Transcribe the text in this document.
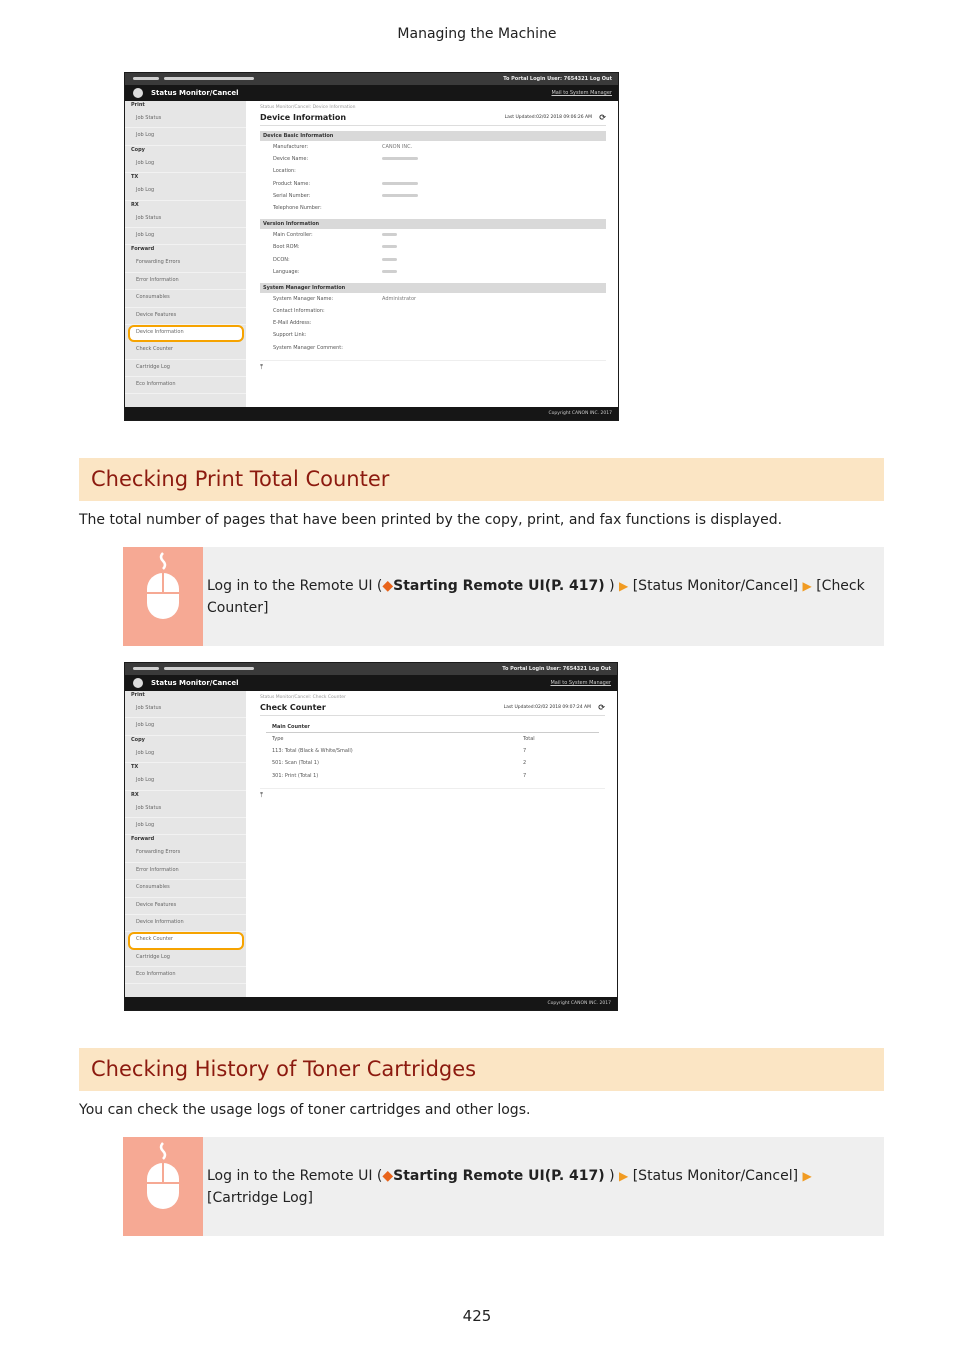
Managing the Machine

To Portal Login User: 7654321 Log Out
Status Monitor/Cancel	Mail to System Manager
Print
Job Status
Job Log
Copy
Job Log
TX
Job Log
RX
Job Status
Job Log
Forward
Forwarding Errors
Error Information
Consumables
Device Features
Device Information
Check Counter
Cartridge Log
Eco Information
Status Monitor/Cancel: Device Information
Device Information	Last Updated:02/02 2018 09:06:26 AM ⟳
Device Basic Information
Manufacturer:	CANON INC.
Device Name:
Location:
Product Name:
Serial Number:
Telephone Number:
Version Information
Main Controller:
Boot ROM:
DCON:
Language:
System Manager Information
System Manager Name:	Administrator
Contact Information:
E-Mail Address:
Support Link:
System Manager Comment:
⤒
Copyright CANON INC. 2017
Checking Print Total Counter
The total number of pages that have been printed by the copy, print, and fax functions is displayed.
Log in to the Remote UI (◆Starting Remote UI(P. 417) ) ▶ [Status Monitor/Cancel] ▶ [Check Counter]

To Portal Login User: 7654321 Log Out
Status Monitor/Cancel	Mail to System Manager
Print
Job Status
Job Log
Copy
Job Log
TX
Job Log
RX
Job Status
Job Log
Forward
Forwarding Errors
Error Information
Consumables
Device Features
Device Information
Check Counter
Cartridge Log
Eco Information
Status Monitor/Cancel: Check Counter
Check Counter	Last Updated:02/02 2018 09:07:24 AM ⟳
Main Counter
Type	Total
113: Total (Black & White/Small)	7
501: Scan (Total 1)	2
301: Print (Total 1)	7
⤒
Copyright CANON INC. 2017
Checking History of Toner Cartridges
You can check the usage logs of toner cartridges and other logs.
Log in to the Remote UI (◆Starting Remote UI(P. 417) ) ▶ [Status Monitor/Cancel] ▶ [Cartridge Log]
425
